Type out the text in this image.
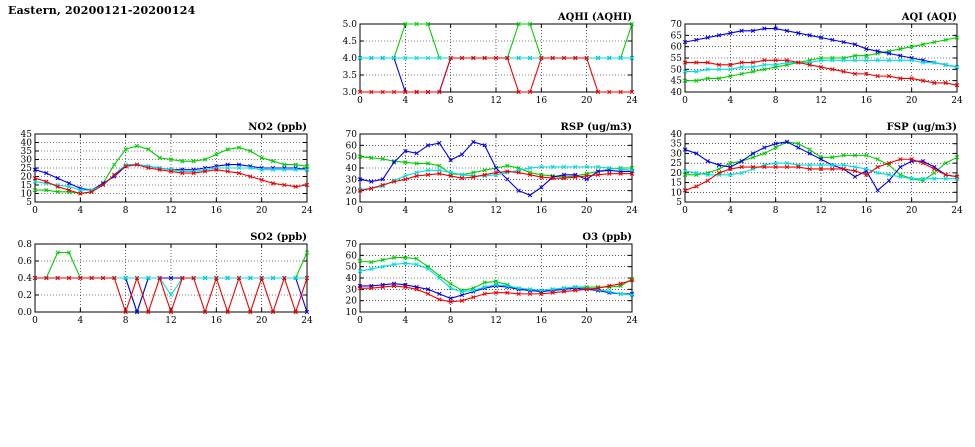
Eastern, 20200121-20200124
0	4	8	12	16	20	24
3.0
3.5
4.0
4.5
5.0
AQHI (AQHI)
0	4	8	12	16	20	24
40
45
50
55
60
65
70
AQI (AQI)
0	4	8	12	16	20	24
5
10
15
20
25
30
35
40
45
NO2 (ppb)
0	4	8	12	16	20	24
10
20
30
40
50
60
70
RSP (ug/m3)
0	4	8	12	16	20	24
5
10
15
20
25
30
35
40
FSP (ug/m3)
0	4	8	12	16	20	24
0.0
0.2
0.4
0.6
0.8
SO2 (ppb)
0	4	8	12	16	20	24
10
20
30
40
50
60
70
O3 (ppb)
